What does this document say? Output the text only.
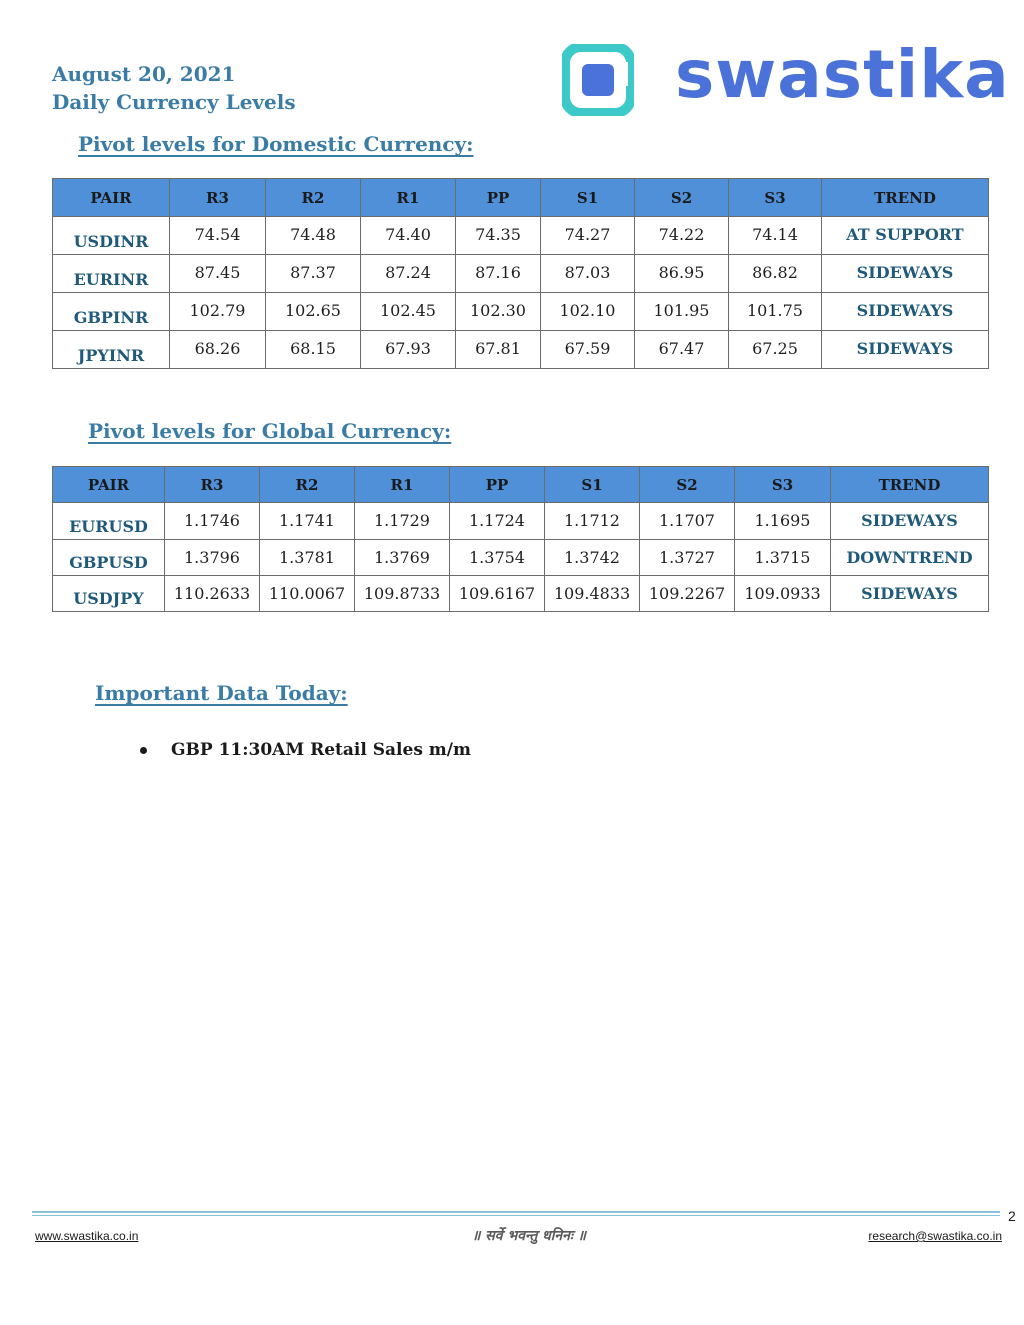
August 20, 2021
Daily Currency Levels	swastika
Pivot levels for Domestic Currency:
PAIR	R3	R2	R1	PP	S1	S2	S3	TREND
USDINR	74.54	74.48	74.40	74.35	74.27	74.22	74.14	AT SUPPORT
EURINR	87.45	87.37	87.24	87.16	87.03	86.95	86.82	SIDEWAYS
GBPINR	102.79	102.65	102.45	102.30	102.10	101.95	101.75	SIDEWAYS
JPYINR	68.26	68.15	67.93	67.81	67.59	67.47	67.25	SIDEWAYS
Pivot levels for Global Currency:
PAIR	R3	R2	R1	PP	S1	S2	S3	TREND
EURUSD	1.1746	1.1741	1.1729	1.1724	1.1712	1.1707	1.1695	SIDEWAYS
GBPUSD	1.3796	1.3781	1.3769	1.3754	1.3742	1.3727	1.3715	DOWNTREND
USDJPY	110.2633	110.0067	109.8733	109.6167	109.4833	109.2267	109.0933	SIDEWAYS
Important Data Today:
GBP 11:30AM Retail Sales m/m
2
www.swastika.co.in	॥ सर्वे भवन्तु धनिनः ॥	research@swastika.co.in
